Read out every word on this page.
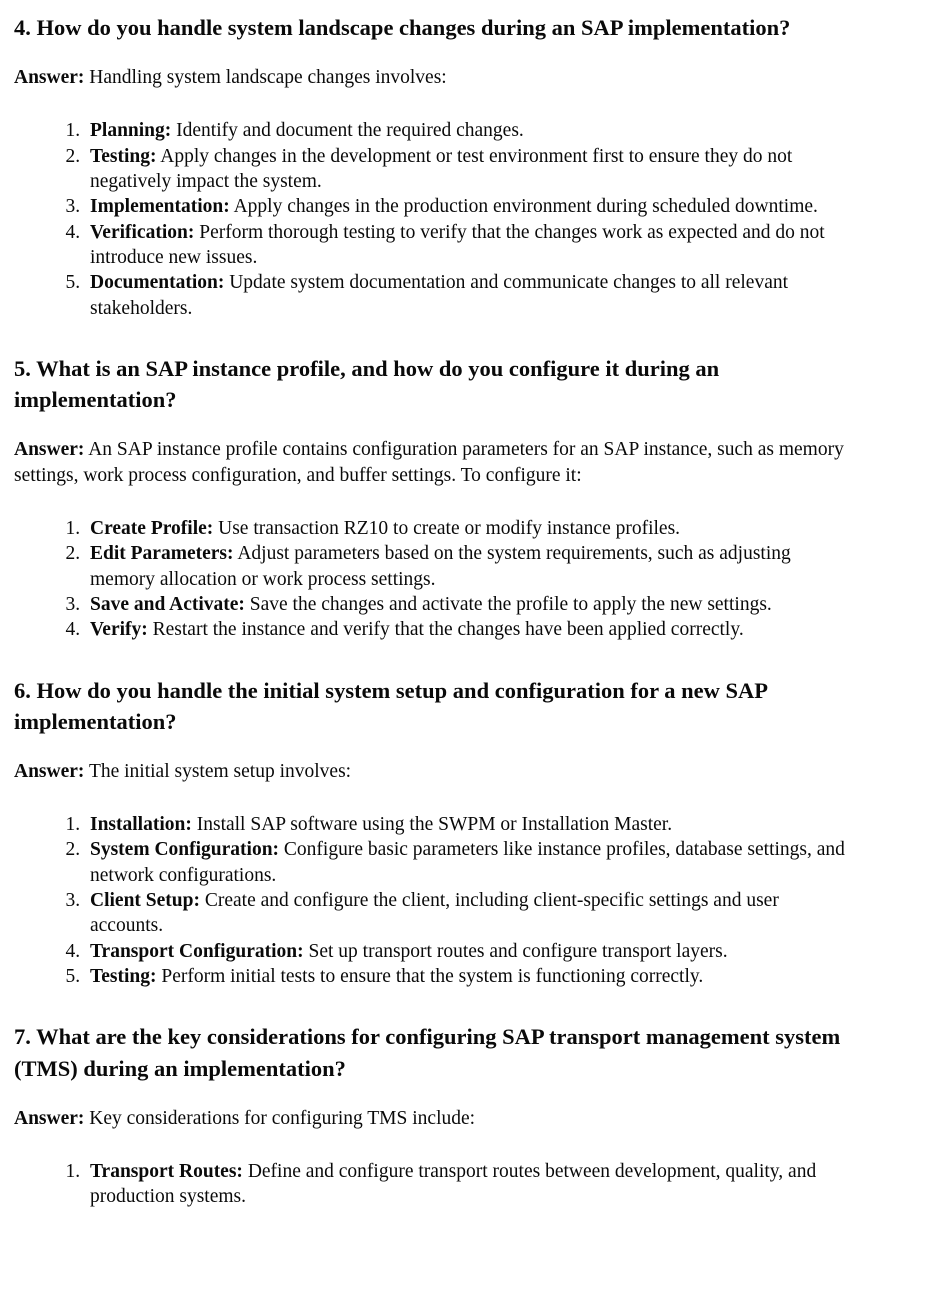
4. How do you handle system landscape changes during an SAP implementation?

Answer: Handling system landscape changes involves:

1. Planning: Identify and document the required changes.
2. Testing: Apply changes in the development or test environment first to ensure they do not negatively impact the system.
3. Implementation: Apply changes in the production environment during scheduled downtime.
4. Verification: Perform thorough testing to verify that the changes work as expected and do not introduce new issues.
5. Documentation: Update system documentation and communicate changes to all relevant stakeholders.
5. What is an SAP instance profile, and how do you configure it during an implementation?

Answer: An SAP instance profile contains configuration parameters for an SAP instance, such as memory settings, work process configuration, and buffer settings. To configure it:

1. Create Profile: Use transaction RZ10 to create or modify instance profiles.
2. Edit Parameters: Adjust parameters based on the system requirements, such as adjusting memory allocation or work process settings.
3. Save and Activate: Save the changes and activate the profile to apply the new settings.
4. Verify: Restart the instance and verify that the changes have been applied correctly.
6. How do you handle the initial system setup and configuration for a new SAP implementation?

Answer: The initial system setup involves:

1. Installation: Install SAP software using the SWPM or Installation Master.
2. System Configuration: Configure basic parameters like instance profiles, database settings, and network configurations.
3. Client Setup: Create and configure the client, including client-specific settings and user accounts.
4. Transport Configuration: Set up transport routes and configure transport layers.
5. Testing: Perform initial tests to ensure that the system is functioning correctly.
7. What are the key considerations for configuring SAP transport management system (TMS) during an implementation?

Answer: Key considerations for configuring TMS include:

1. Transport Routes: Define and configure transport routes between development, quality, and production systems.
